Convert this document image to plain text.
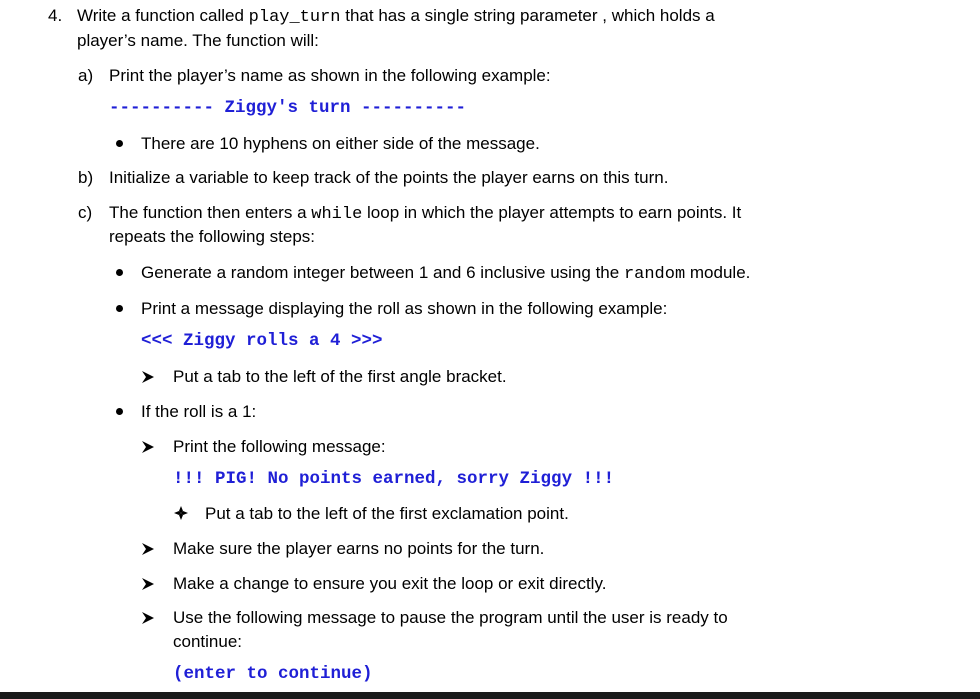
4. Write a function called play_turn that has a single string parameter , which holds a
player’s name. The function will:
a) Print the player’s name as shown in the following example:
---------- Ziggy's turn ----------
There are 10 hyphens on either side of the message.
b) Initialize a variable to keep track of the points the player earns on this turn.
c) The function then enters a while loop in which the player attempts to earn points. It
repeats the following steps:
Generate a random integer between 1 and 6 inclusive using the random module.
Print a message displaying the roll as shown in the following example:
<<< Ziggy rolls a 4 >>>
Put a tab to the left of the first angle bracket.
If the roll is a 1:
Print the following message:
!!! PIG! No points earned, sorry Ziggy !!!
Put a tab to the left of the first exclamation point.
Make sure the player earns no points for the turn.
Make a change to ensure you exit the loop or exit directly.
Use the following message to pause the program until the user is ready to
continue:
(enter to continue)
